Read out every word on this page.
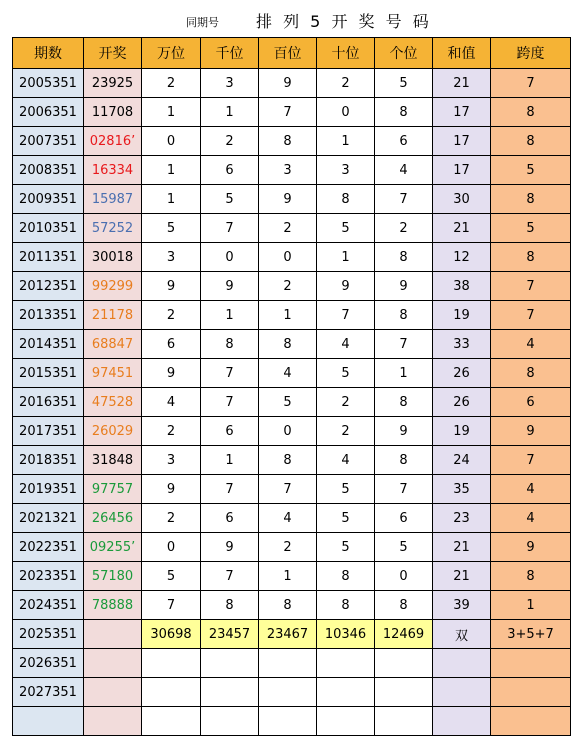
同期号 排 列 5 开 奖 号 码
期数	开奖	万位	千位	百位	十位	个位	和值	跨度
2005351	23925	2	3	9	2	5	21	7
2006351	11708	1	1	7	0	8	17	8
2007351	02816’	0	2	8	1	6	17	8
2008351	16334	1	6	3	3	4	17	5
2009351	15987	1	5	9	8	7	30	8
2010351	57252	5	7	2	5	2	21	5
2011351	30018	3	0	0	1	8	12	8
2012351	99299	9	9	2	9	9	38	7
2013351	21178	2	1	1	7	8	19	7
2014351	68847	6	8	8	4	7	33	4
2015351	97451	9	7	4	5	1	26	8
2016351	47528	4	7	5	2	8	26	6
2017351	26029	2	6	0	2	9	19	9
2018351	31848	3	1	8	4	8	24	7
2019351	97757	9	7	7	5	7	35	4
2021321	26456	2	6	4	5	6	23	4
2022351	09255’	0	9	2	5	5	21	9
2023351	57180	5	7	1	8	0	21	8
2024351	78888	7	8	8	8	8	39	1
2025351		30698	23457	23467	10346	12469	双	3+5+7
2026351								
2027351								
